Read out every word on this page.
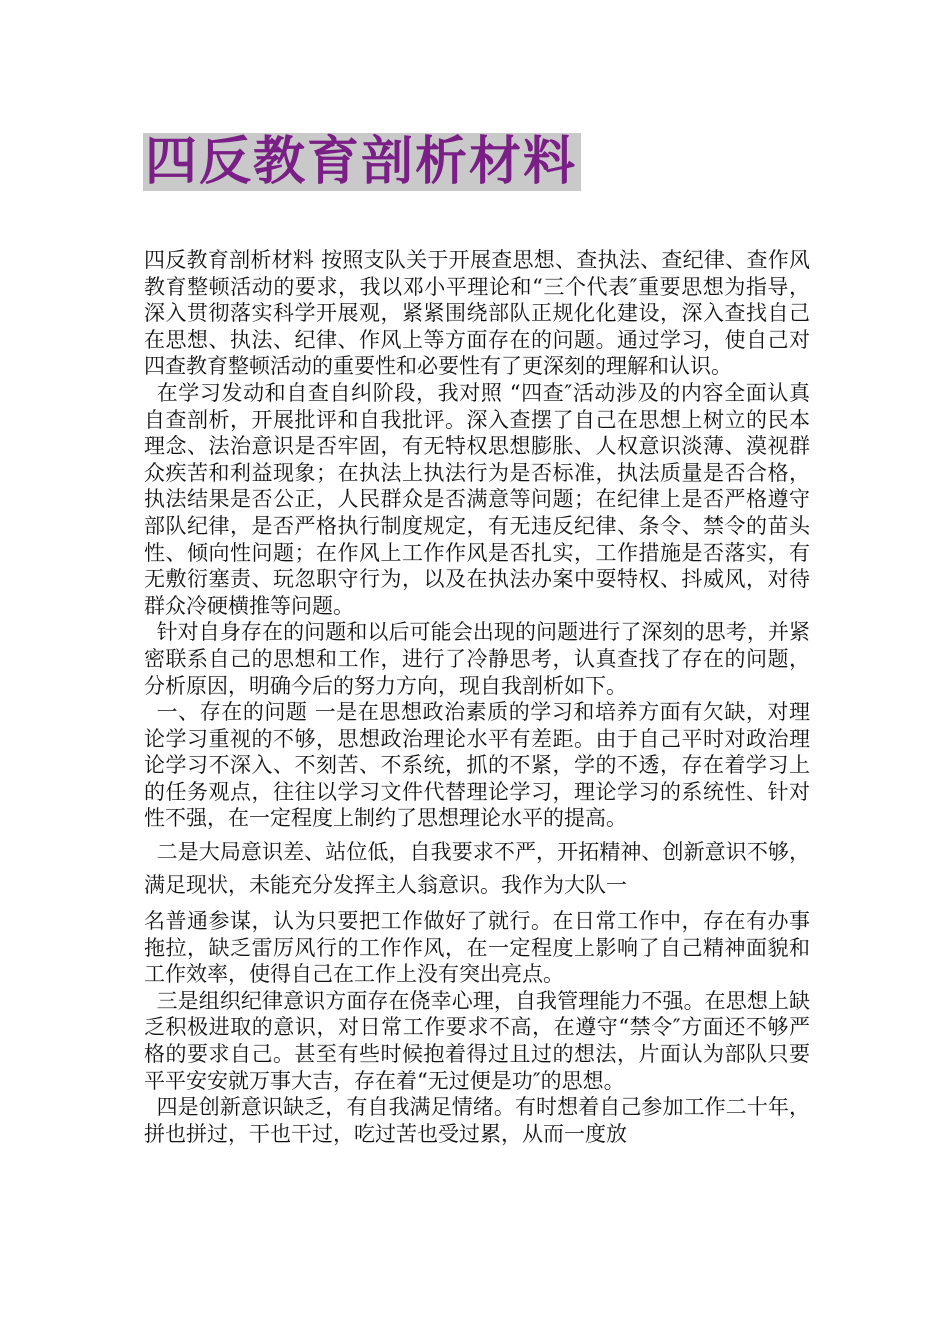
四反教育剖析材料

四反教育剖析材料 按照支队关于开展查思想、查执法、查纪律、查作风教育整顿活动的要求，我以邓小平理论和“三个代表″重要思想为指导，深入贯彻落实科学开展观，紧紧围绕部队正规化化建设，深入查找自己在思想、执法、纪律、作风上等方面存在的问题。通过学习，使自己对四查教育整顿活动的重要性和必要性有了更深刻的理解和认识。

在学习发动和自查自纠阶段，我对照 “四查″活动涉及的内容全面认真自查剖析，开展批评和自我批评。深入查摆了自己在思想上树立的民本理念、法治意识是否牢固，有无特权思想膨胀、人权意识淡薄、漠视群众疾苦和利益现象；在执法上执法行为是否标准，执法质量是否合格，执法结果是否公正，人民群众是否满意等问题；在纪律上是否严格遵守部队纪律，是否严格执行制度规定，有无违反纪律、条令、禁令的苗头性、倾向性问题；在作风上工作作风是否扎实，工作措施是否落实，有无敷衍塞责、玩忽职守行为，以及在执法办案中耍特权、抖威风，对待群众冷硬横推等问题。

针对自身存在的问题和以后可能会出现的问题进行了深刻的思考，并紧密联系自己的思想和工作，进行了冷静思考，认真查找了存在的问题，分析原因，明确今后的努力方向，现自我剖析如下。

一、存在的问题 一是在思想政治素质的学习和培养方面有欠缺，对理论学习重视的不够，思想政治理论水平有差距。由于自己平时对政治理论学习不深入、不刻苦、不系统，抓的不紧，学的不透，存在着学习上的任务观点，往往以学习文件代替理论学习，理论学习的系统性、针对性不强，在一定程度上制约了思想理论水平的提高。

二是大局意识差、站位低，自我要求不严，开拓精神、创新意识不够，满足现状，未能充分发挥主人翁意识。我作为大队一

名普通参谋，认为只要把工作做好了就行。在日常工作中，存在有办事拖拉，缺乏雷厉风行的工作作风，在一定程度上影响了自己精神面貌和工作效率，使得自己在工作上没有突出亮点。

三是组织纪律意识方面存在侥幸心理，自我管理能力不强。在思想上缺乏积极进取的意识，对日常工作要求不高，在遵守“禁令″方面还不够严格的要求自己。甚至有些时候抱着得过且过的想法，片面认为部队只要平平安安就万事大吉，存在着“无过便是功″的思想。

四是创新意识缺乏，有自我满足情绪。有时想着自己参加工作二十年，拼也拼过，干也干过，吃过苦也受过累，从而一度放
